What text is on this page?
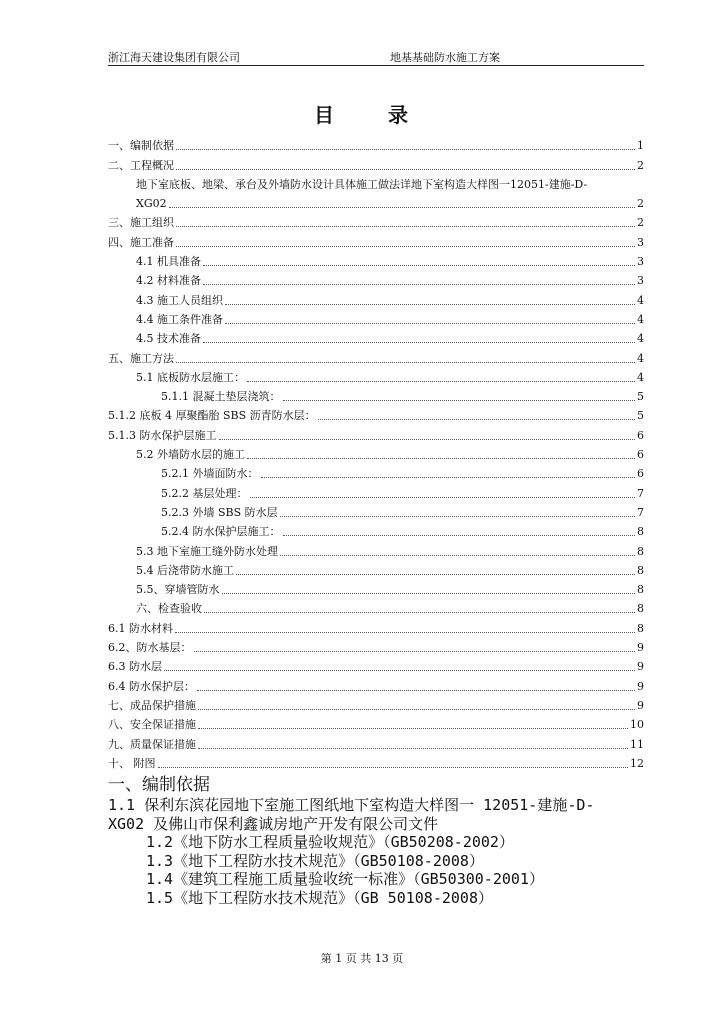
浙江海天建设集团有限公司	地基基础防水施工方案
目	录
一、编制依据	1
二、工程概况	2
地下室底板、地梁、承台及外墙防水设计具体施工做法详地下室构造大样图一12051-建施-D-
XG02	2
三、施工组织	2
四、施工准备	3
4.1 机具准备	3
4.2 材料准备	3
4.3 施工人员组织	4
4.4 施工条件准备	4
4.5 技术准备	4
五、施工方法	4
5.1 底板防水层施工：	4
5.1.1 混凝土垫层浇筑：	5
5.1.2 底板 4 厚聚酯胎 SBS 沥青防水层：	5
5.1.3 防水保护层施工	6
5.2 外墙防水层的施工	6
5.2.1 外墙面防水：	6
5.2.2 基层处理：	7
5.2.3 外墙 SBS 防水层	7
5.2.4 防水保护层施工：	8
5.3 地下室施工缝外防水处理	8
5.4 后浇带防水施工	8
5.5、穿墙管防水	8
六、检查验收	8
6.1 防水材料	8
6.2、防水基层：	9
6.3 防水层	9
6.4 防水保护层：	9
七、成品保护措施	9
八、安全保证措施	10
九、质量保证措施	11
十、 附图	12
一、编制依据
1.1 保利东滨花园地下室施工图纸地下室构造大样图一 12051-建施-D-
XG02 及佛山市保利鑫诚房地产开发有限公司文件
1.2《地下防水工程质量验收规范》（GB50208-2002）
1.3《地下工程防水技术规范》（GB50108-2008）
1.4《建筑工程施工质量验收统一标准》（GB50300-2001）
1.5《地下工程防水技术规范》（GB 50108-2008）
第 1 页 共 13 页
